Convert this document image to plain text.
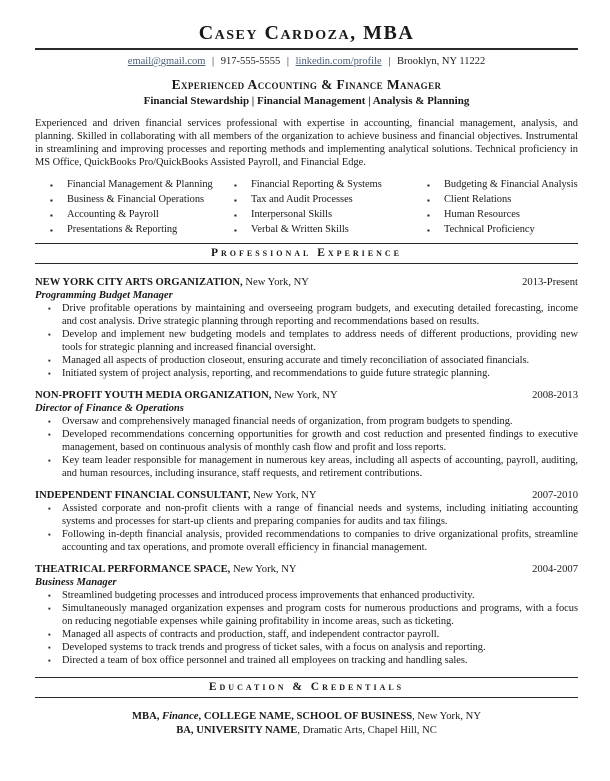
Casey Cardoza, MBA
email@gmail.com | 917-555-5555 | linkedin.com/profile | Brooklyn, NY 11222
Experienced Accounting & Finance Manager
Financial Stewardship | Financial Management | Analysis & Planning

Experienced and driven financial services professional with expertise in accounting, financial management, analysis, and planning. Skilled in collaborating with all members of the organization to achieve business and financial objectives. Instrumental in streamlining and improving processes and reporting methods and implementing analytical solutions. Technical proficiency in MS Office, QuickBooks Pro/QuickBooks Assisted Payroll, and Financial Edge.

▪ Financial Management & Planning
▪ Business & Financial Operations
▪ Accounting & Payroll
▪ Presentations & Reporting
▪ Financial Reporting & Systems
▪ Tax and Audit Processes
▪ Interpersonal Skills
▪ Verbal & Written Skills
▪ Budgeting & Financial Analysis
▪ Client Relations
▪ Human Resources
▪ Technical Proficiency
Professional Experience
NEW YORK CITY ARTS ORGANIZATION, New York, NY	2013-Present
Programming Budget Manager
▪ Drive profitable operations by maintaining and overseeing program budgets, and executing detailed forecasting, income and cost analysis. Drive strategic planning through reporting and recommendations based on results.
▪ Develop and implement new budgeting models and templates to address needs of different productions, providing new tools for strategic planning and increased financial oversight.
▪ Managed all aspects of production closeout, ensuring accurate and timely reconciliation of associated financials.
▪ Initiated system of project analysis, reporting, and recommendations to guide future strategic planning.
NON-PROFIT YOUTH MEDIA ORGANIZATION, New York, NY	2008-2013
Director of Finance & Operations
▪ Oversaw and comprehensively managed financial needs of organization, from program budgets to spending.
▪ Developed recommendations concerning opportunities for growth and cost reduction and presented findings to executive management, based on continuous analysis of monthly cash flow and profit and loss reports.
▪ Key team leader responsible for management in numerous key areas, including all aspects of accounting, payroll, auditing, and human resources, including insurance, staff requests, and retirement contributions.
INDEPENDENT FINANCIAL CONSULTANT, New York, NY	2007-2010
▪ Assisted corporate and non-profit clients with a range of financial needs and systems, including initiating accounting systems and processes for start-up clients and preparing companies for audits and tax filings.
▪ Following in-depth financial analysis, provided recommendations to companies to drive organizational profits, streamline accounting and tax operations, and promote overall efficiency in financial management.
THEATRICAL PERFORMANCE SPACE, New York, NY	2004-2007
Business Manager
▪ Streamlined budgeting processes and introduced process improvements that enhanced productivity.
▪ Simultaneously managed organization expenses and program costs for numerous productions and programs, with a focus on reducing negotiable expenses while gaining profitability in income areas, such as ticketing.
▪ Managed all aspects of contracts and production, staff, and independent contractor payroll.
▪ Developed systems to track trends and progress of ticket sales, with a focus on analysis and reporting.
▪ Directed a team of box office personnel and trained all employees on tracking and handling sales.
Education & Credentials
MBA, Finance, COLLEGE NAME, SCHOOL OF BUSINESS, New York, NY
BA, UNIVERSITY NAME, Dramatic Arts, Chapel Hill, NC
